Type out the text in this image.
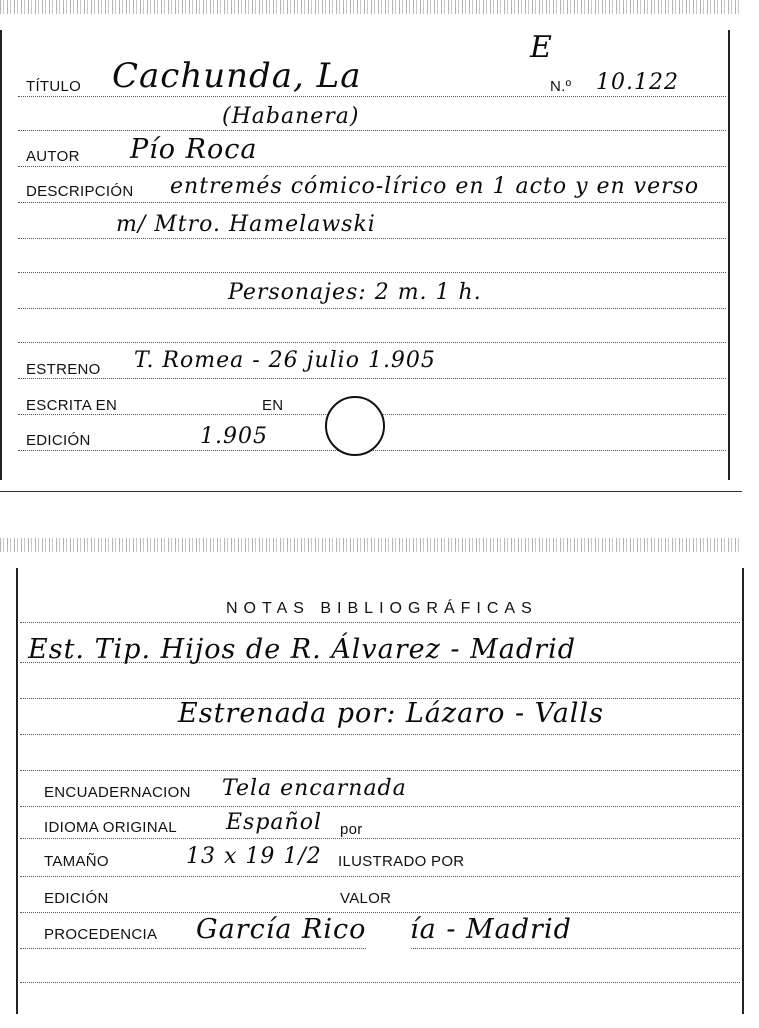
TÍTULO Cachunda, La
E
N.º 10.122
(Habanera)
AUTOR Pío Roca
DESCRIPCIÓN entremés cómico-lírico en 1 acto y en verso
m/ Mtro. Hamelawski
Personajes: 2 m. 1 h.
ESTRENO T. Romea - 26 julio 1.905
ESCRITA EN	EN
EDICIÓN	1.905
NOTAS BIBLIOGRÁFICAS
Est. Tip. Hijos de R. Álvarez - Madrid
Estrenada por: Lázaro - Valls
ENCUADERNACION Tela encarnada
IDIOMA ORIGINAL Español por
TAMAÑO	13 x 19 1/2 ILUSTRADO POR
EDICIÓN	VALOR
PROCEDENCIA García Rico ía - Madrid
